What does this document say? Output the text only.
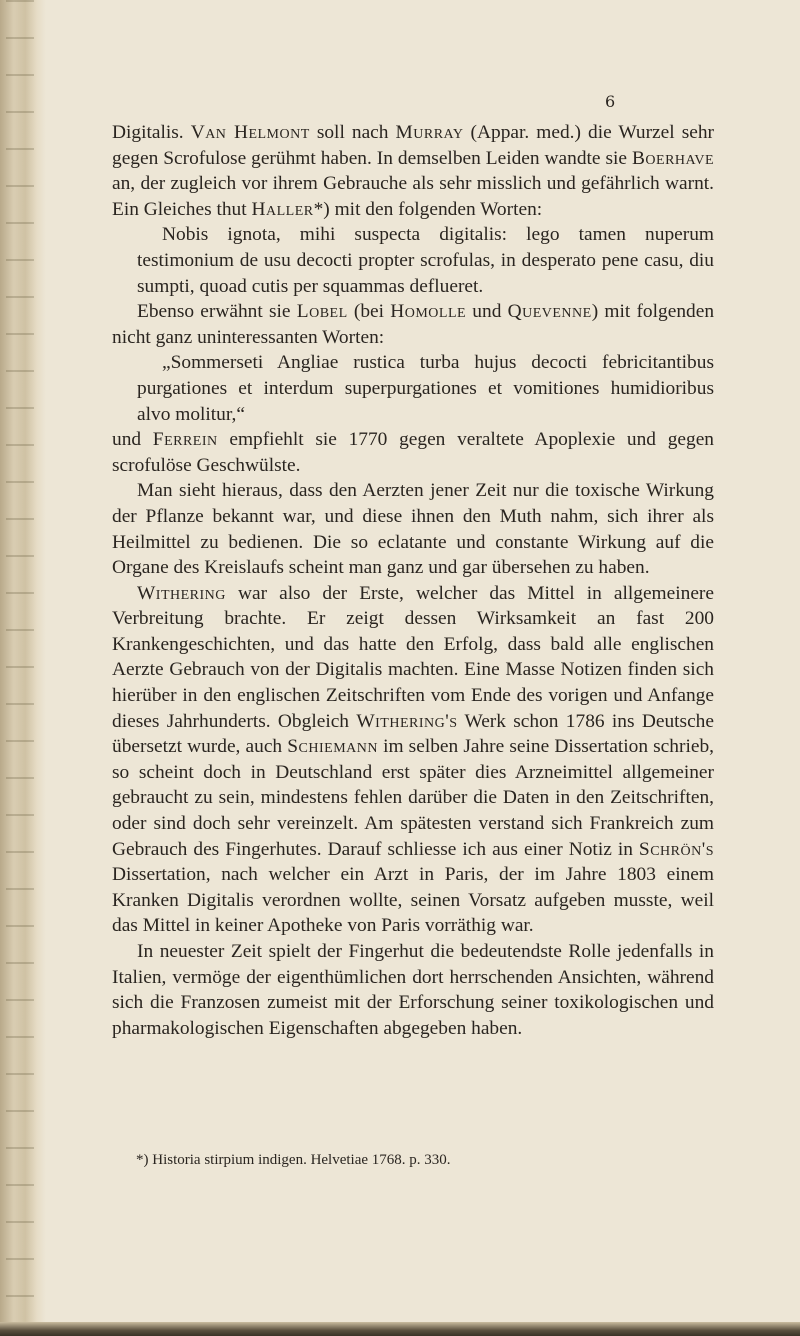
6

Digitalis. Van Helmont soll nach Murray (Appar. med.) die Wurzel sehr gegen Scrofulose gerühmt haben. In demselben Leiden wandte sie Boerhave an, der zugleich vor ihrem Gebrauche als sehr misslich und gefährlich warnt. Ein Gleiches thut Haller*) mit den folgenden Worten:

Nobis ignota, mihi suspecta digitalis: lego tamen nuperum testimonium de usu decocti propter scrofulas, in desperato pene casu, diu sumpti, quoad cutis per squammas deflueret.

Ebenso erwähnt sie Lobel (bei Homolle und Quevenne) mit folgenden nicht ganz uninteressanten Worten:

„Sommerseti Angliae rustica turba hujus decocti febricitantibus purgationes et interdum superpurgationes et vomitiones humidioribus alvo molitur,“

und Ferrein empfiehlt sie 1770 gegen veraltete Apoplexie und gegen scrofulöse Geschwülste.

Man sieht hieraus, dass den Aerzten jener Zeit nur die toxische Wirkung der Pflanze bekannt war, und diese ihnen den Muth nahm, sich ihrer als Heilmittel zu bedienen. Die so eclatante und constante Wirkung auf die Organe des Kreislaufs scheint man ganz und gar übersehen zu haben.

Withering war also der Erste, welcher das Mittel in allgemeinere Verbreitung brachte. Er zeigt dessen Wirksamkeit an fast 200 Krankengeschichten, und das hatte den Erfolg, dass bald alle englischen Aerzte Gebrauch von der Digitalis machten. Eine Masse Notizen finden sich hierüber in den englischen Zeitschriften vom Ende des vorigen und Anfange dieses Jahrhunderts. Obgleich Withering's Werk schon 1786 ins Deutsche übersetzt wurde, auch Schiemann im selben Jahre seine Dissertation schrieb, so scheint doch in Deutschland erst später dies Arzneimittel allgemeiner gebraucht zu sein, mindestens fehlen darüber die Daten in den Zeitschriften, oder sind doch sehr vereinzelt. Am spätesten verstand sich Frankreich zum Gebrauch des Fingerhutes. Darauf schliesse ich aus einer Notiz in Schrön's Dissertation, nach welcher ein Arzt in Paris, der im Jahre 1803 einem Kranken Digitalis verordnen wollte, seinen Vorsatz aufgeben musste, weil das Mittel in keiner Apotheke von Paris vorräthig war.

In neuester Zeit spielt der Fingerhut die bedeutendste Rolle jedenfalls in Italien, vermöge der eigenthümlichen dort herrschenden Ansichten, während sich die Franzosen zumeist mit der Erforschung seiner toxikologischen und pharmakologischen Eigenschaften abgegeben haben.

*) Historia stirpium indigen. Helvetiae 1768. p. 330.
